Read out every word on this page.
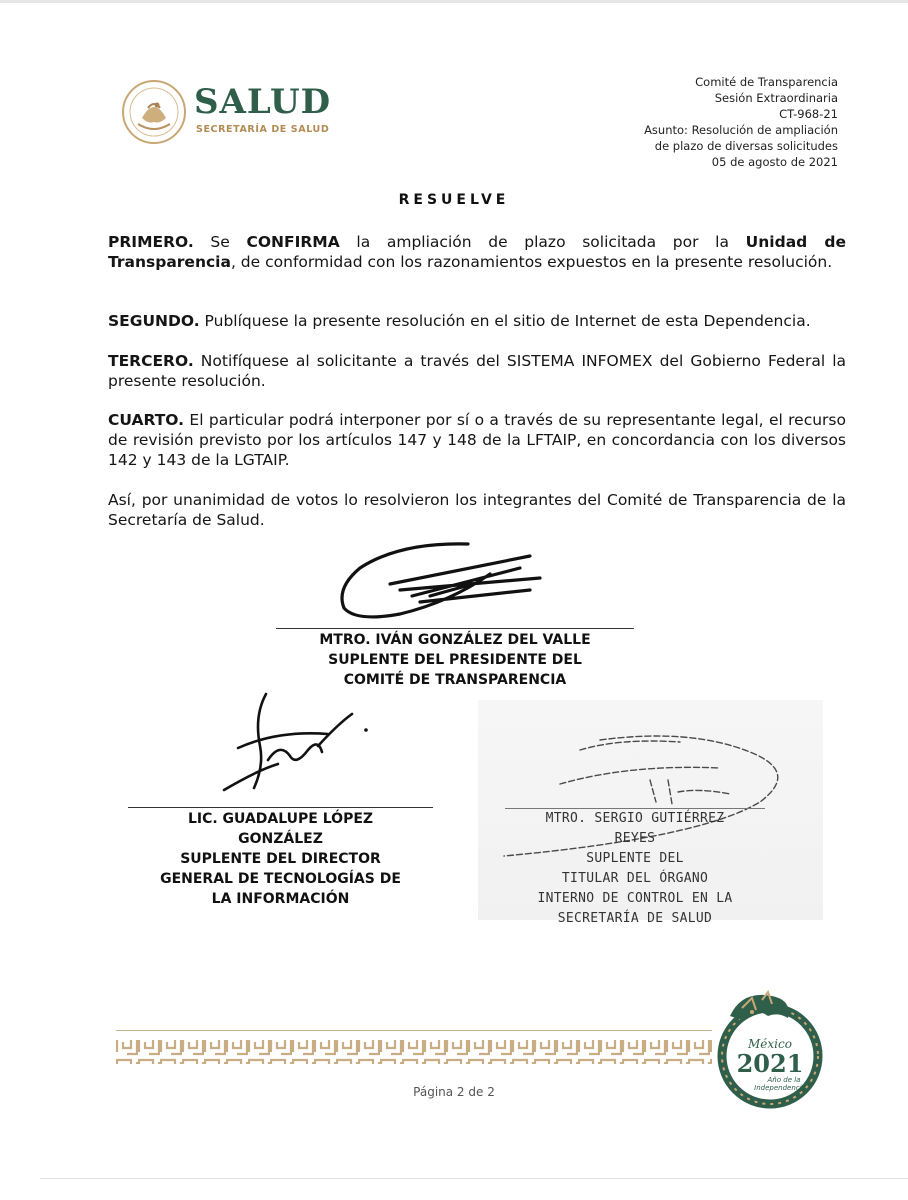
SALUD
SECRETARÍA DE SALUD
Comité de Transparencia
Sesión Extraordinaria
CT-968-21
Asunto: Resolución de ampliación
de plazo de diversas solicitudes
05 de agosto de 2021
RESUELVE
PRIMERO. Se CONFIRMA la ampliación de plazo solicitada por la Unidad de Transparencia, de conformidad con los razonamientos expuestos en la presente resolución.
SEGUNDO. Publíquese la presente resolución en el sitio de Internet de esta Dependencia.
TERCERO. Notifíquese al solicitante a través del SISTEMA INFOMEX del Gobierno Federal la presente resolución.
CUARTO. El particular podrá interponer por sí o a través de su representante legal, el recurso de revisión previsto por los artículos 147 y 148 de la LFTAIP, en concordancia con los diversos 142 y 143 de la LGTAIP.
Así, por unanimidad de votos lo resolvieron los integrantes del Comité de Transparencia de la Secretaría de Salud.
MTRO. IVÁN GONZÁLEZ DEL VALLE
SUPLENTE DEL PRESIDENTE DEL
COMITÉ DE TRANSPARENCIA
LIC. GUADALUPE LÓPEZ
GONZÁLEZ
SUPLENTE DEL DIRECTOR
GENERAL DE TECNOLOGÍAS DE
LA INFORMACIÓN
MTRO. SERGIO GUTIÉRREZ
REYES
SUPLENTE DEL
TITULAR DEL ÓRGANO
INTERNO DE CONTROL EN LA
SECRETARÍA DE SALUD
Página 2 de 2
México
2021
Año de la
Independencia
